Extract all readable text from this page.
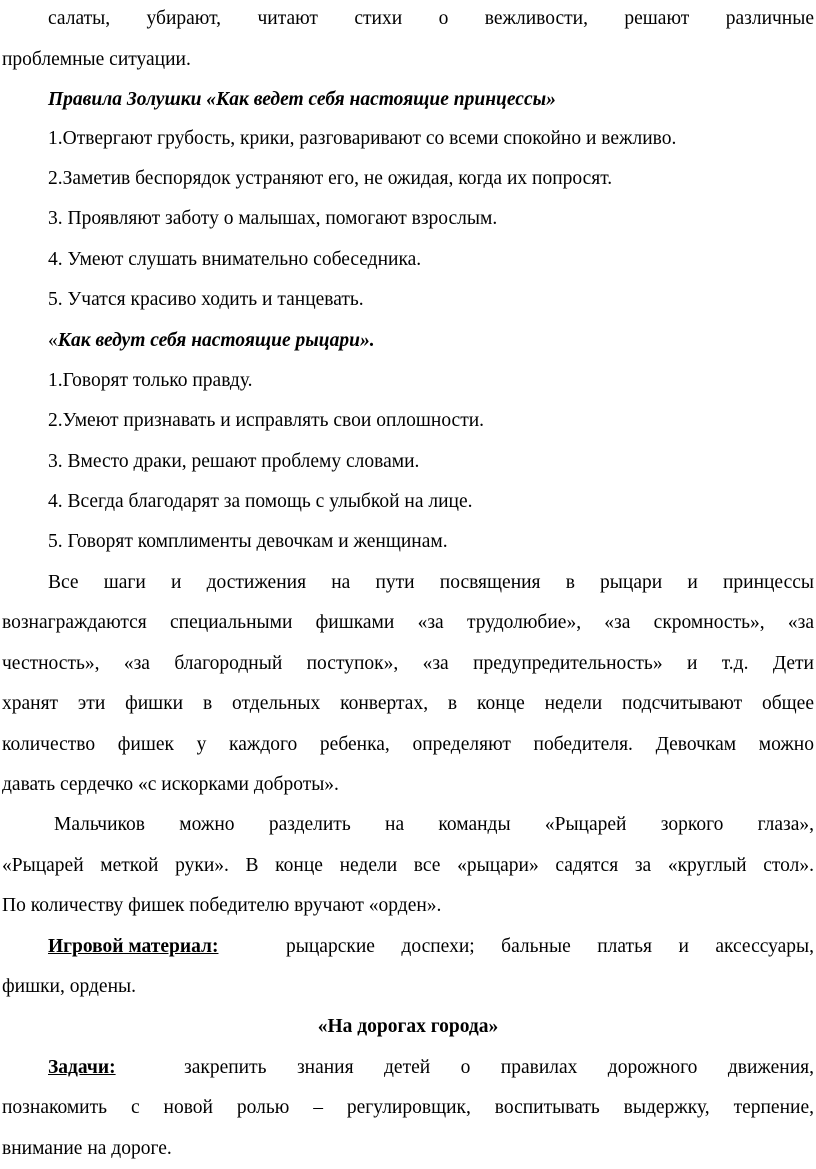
салаты, убирают, читают стихи о вежливости, решают различные
проблемные ситуации.
Правила Золушки «Как ведет себя настоящие принцессы»
1.Отвергают грубость, крики, разговаривают со всеми спокойно и вежливо.
2.Заметив беспорядок устраняют его, не ожидая, когда их попросят.
3. Проявляют заботу о малышах, помогают взрослым.
4. Умеют слушать внимательно собеседника.
5. Учатся красиво ходить и танцевать.
«Как ведут себя настоящие рыцари».
1.Говорят только правду.
2.Умеют признавать и исправлять свои оплошности.
3. Вместо драки, решают проблему словами.
4. Всегда благодарят за помощь с улыбкой на лице.
5. Говорят комплименты девочкам и женщинам.
Все шаги и достижения на пути посвящения в рыцари и принцессы
вознаграждаются специальными фишками «за трудолюбие», «за скромность», «за
честность», «за благородный поступок», «за предупредительность» и т.д. Дети
хранят эти фишки в отдельных конвертах, в конце недели подсчитывают общее
количество фишек у каждого ребенка, определяют победителя. Девочкам можно
давать сердечко «с искорками доброты».
Мальчиков можно разделить на команды «Рыцарей зоркого глаза»,
«Рыцарей меткой руки». В конце недели все «рыцари» садятся за «круглый стол».
По количеству фишек победителю вручают «орден».
Игровой материал:	рыцарские доспехи; бальные платья и аксессуары,
фишки, ордены.
«На дорогах города»
Задачи:	закрепить знания детей о правилах дорожного движения,
познакомить с новой ролью – регулировщик, воспитывать выдержку, терпение,
внимание на дороге.
